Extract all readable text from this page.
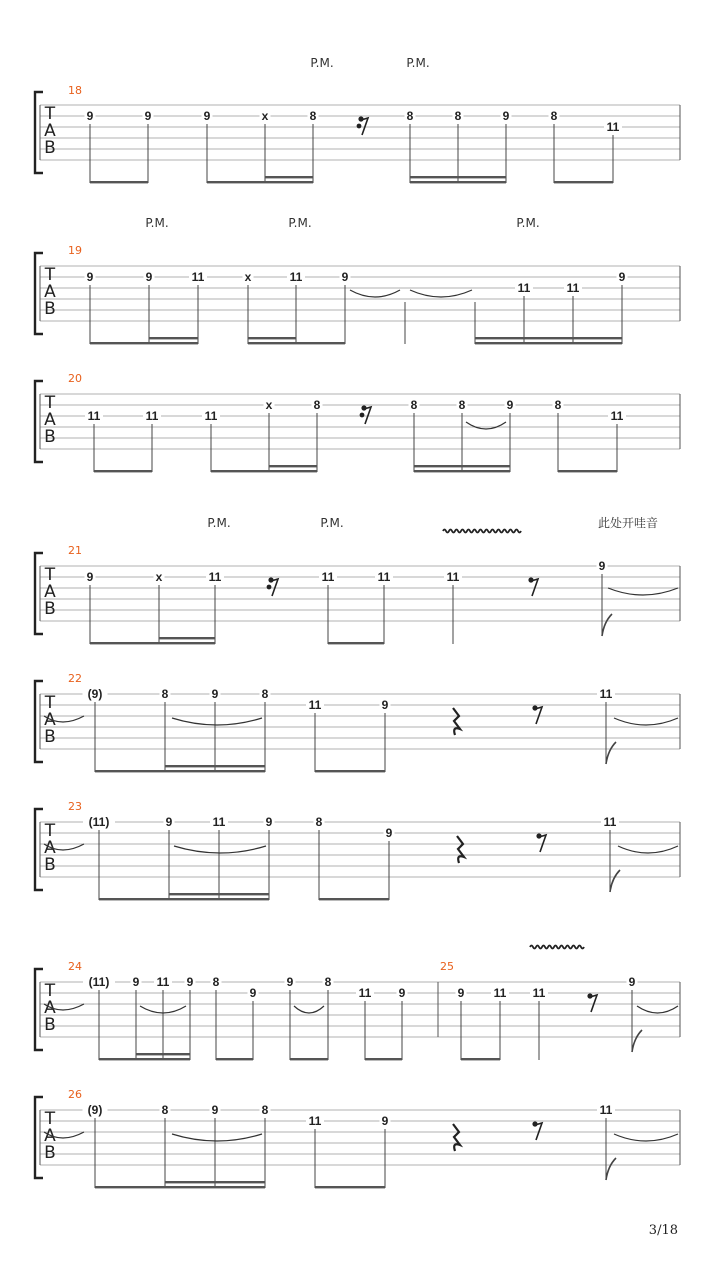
3/18
T
A
B
18
P.M.	P.M.
9	9	9	x	8	8	8	9	8
11
T
A
B
19
P.M.	P.M.	P.M.
9	9	11	x	11	9
11	11
9
T
A
B
20
11	11	11
x	8	8	8	9	8
11
T
A
B
21
P.M.	P.M.	此处开哇音
9	x	11	11	11	11
9
T
A
B
22
(9)	8	9	8
11	9
11
T
A
B
23
(11)	9	11	9	8
9
11
T
A
B
24	25
(11) 9 11 9 8
9
9	8
11 9	9 11 11
9
T
A
B
26
(9)	8	9	8
11	9
11
